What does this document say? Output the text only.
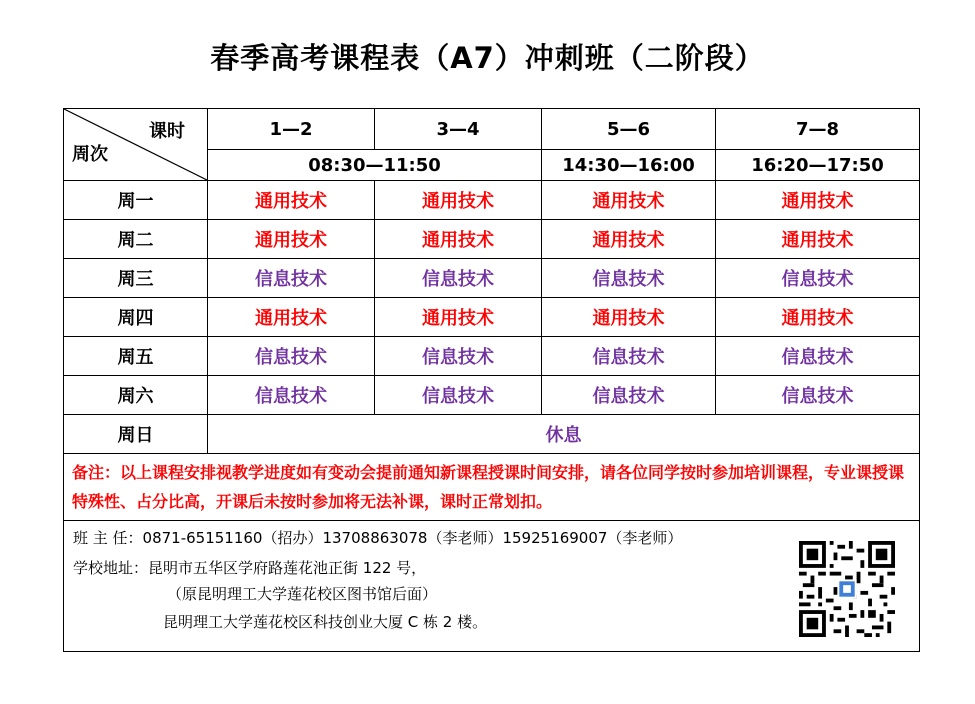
春季高考课程表（A7）冲刺班（二阶段）
课时
周次	1—2	3—4	5—6	7—8
	08:30—11:50		14:30—16:00	16:20—17:50
周一	通用技术	通用技术	通用技术	通用技术
周二	通用技术	通用技术	通用技术	通用技术
周三	信息技术	信息技术	信息技术	信息技术
周四	通用技术	通用技术	通用技术	通用技术
周五	信息技术	信息技术	信息技术	信息技术
周六	信息技术	信息技术	信息技术	信息技术
周日	休息			
备注：以上课程安排视教学进度如有变动会提前通知新课程授课时间安排，请各位同学按时参加培训课程，专业课授课特殊性、占分比高，开课后未按时参加将无法补课，课时正常划扣。				

班 主 任：0871-65151160（招办）13708863078（李老师）15925169007（李老师）
学校地址：昆明市五华区学府路莲花池正街 122 号，
（原昆明理工大学莲花校区图书馆后面）
昆明理工大学莲花校区科技创业大厦 C 栋 2 楼。				
